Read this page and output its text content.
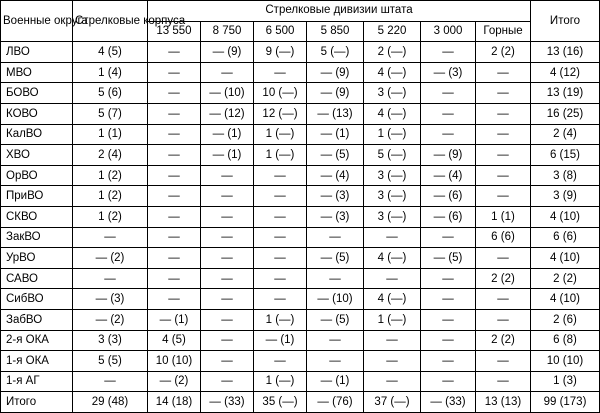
Военные округа	Стрелковые корпуса	Стрелковые дивизии штата							Итого
		13 550	8 750	6 500	5 850	5 220	3 000	Горные	
ЛВО	4 (5)	—	— (9)	9 (—)	5 (—)	2 (—)	—	2 (2)	13 (16)
МВО	1 (4)	—	—	—	— (9)	4 (—)	— (3)	—	4 (12)
БОВО	5 (6)	—	— (10)	10 (—)	— (9)	3 (—)	—	—	13 (19)
КОВО	5 (7)	—	— (12)	12 (—)	— (13)	4 (—)	—	—	16 (25)
КалВО	1 (1)	—	— (1)	1 (—)	— (1)	1 (—)	—	—	2 (4)
ХВО	2 (4)	—	— (1)	1 (—)	— (5)	5 (—)	— (9)	—	6 (15)
ОрВО	1 (2)	—	—	—	— (4)	3 (—)	— (4)	—	3 (8)
ПриВО	1 (2)	—	—	—	— (3)	3 (—)	— (6)	—	3 (9)
СКВО	1 (2)	—	—	—	— (3)	3 (—)	— (6)	1 (1)	4 (10)
ЗакВО	—	—	—	—	—	—	—	6 (6)	6 (6)
УрВО	— (2)	—	—	—	— (5)	4 (—)	— (5)	—	4 (10)
САВО	—	—	—	—	—	—	—	2 (2)	2 (2)
СибВО	— (3)	—	—	—	— (10)	4 (—)	—	—	4 (10)
ЗабВО	— (2)	— (1)	—	1 (—)	— (5)	1 (—)	—	—	2 (6)
2-я ОКА	3 (3)	4 (5)	—	— (1)	—	—	—	2 (2)	6 (8)
1-я ОКА	5 (5)	10 (10)	—	—	—	—	—	—	10 (10)
1-я АГ	—	— (2)	—	1 (—)	— (1)	—	—	—	1 (3)
Итого	29 (48)	14 (18)	— (33)	35 (—)	— (76)	37 (—)	— (33)	13 (13)	99 (173)
